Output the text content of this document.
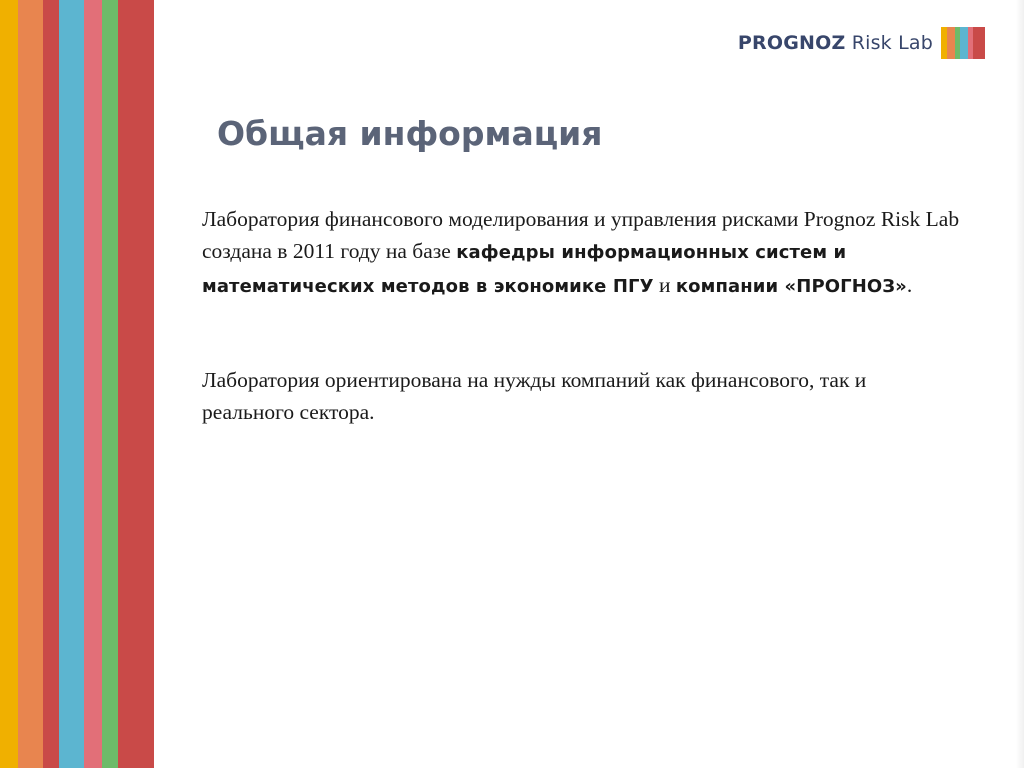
PROGNOZ Risk Lab
Общая информация

Лаборатория финансового моделирования и управления рисками Prognoz Risk Lab создана в 2011 году на базе кафедры информационных систем и математических методов в экономике ПГУ и компании «ПРОГНОЗ».

Лаборатория ориентирована на нужды компаний как финансового, так и реального сектора.
